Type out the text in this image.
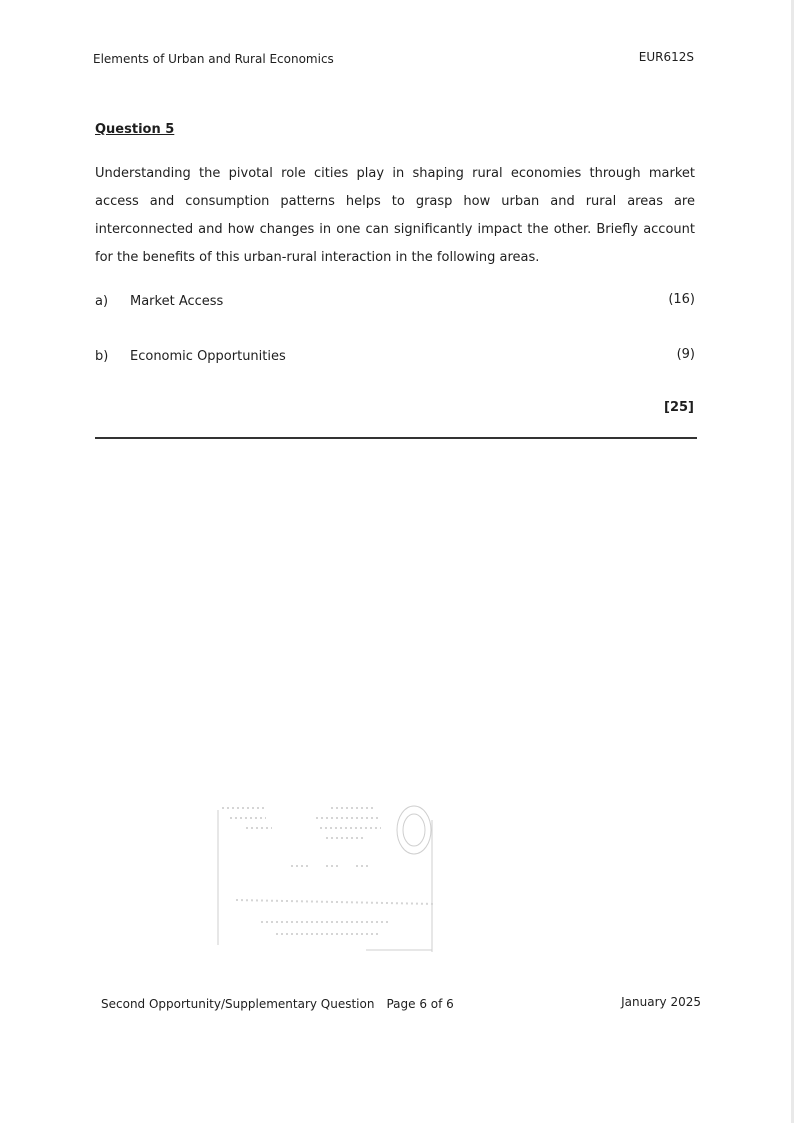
Elements of Urban and Rural Economics	EUR612S
Question 5
Understanding the pivotal role cities play in shaping rural economies through market access and consumption patterns helps to grasp how urban and rural areas are interconnected and how changes in one can significantly impact the other. Briefly account for the benefits of this urban-rural interaction in the following areas.
a) Market Access	(16)
b) Economic Opportunities	(9)
[25]
Second Opportunity/Supplementary Question Page 6 of 6	January 2025
